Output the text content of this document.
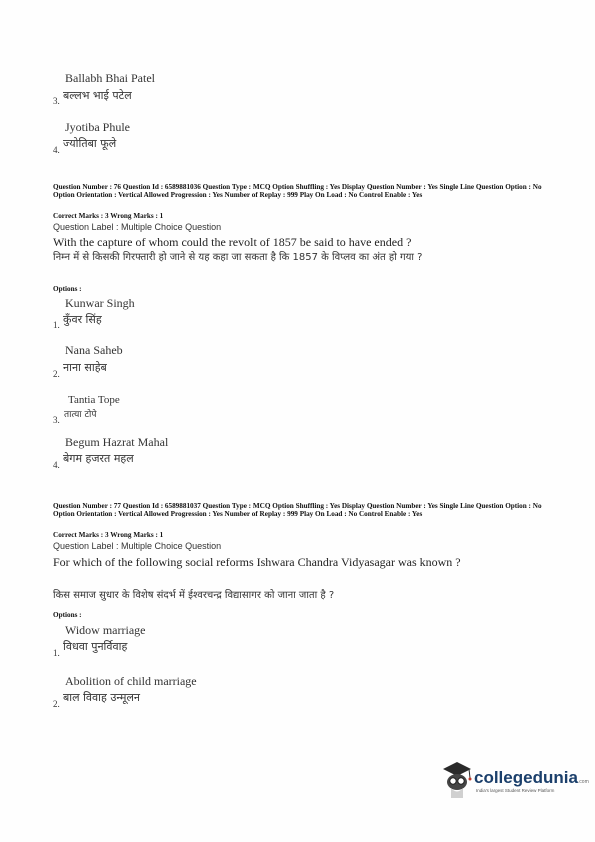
Ballabh Bhai Patel
3. बल्लभ भाई पटेल
Jyotiba Phule
4. ज्योतिबा फूले
Question Number : 76 Question Id : 6589881036 Question Type : MCQ Option Shuffling : Yes Display Question Number : Yes Single Line Question Option : No Option Orientation : Vertical Allowed Progression : Yes Number of Replay : 999 Play On Load : No Control Enable : Yes
Correct Marks : 3 Wrong Marks : 1
Question Label : Multiple Choice Question
With the capture of whom could the revolt of 1857 be said to have ended ?
निम्न में से किसकी गिरफ्तारी हो जाने से यह कहा जा सकता है कि 1857 के विप्लव का अंत हो गया ?
Options :
Kunwar Singh
1. कुँवर सिंह
Nana Saheb
2. नाना साहेब
Tantia Tope
3. तात्या टोपे
Begum Hazrat Mahal
4. बेगम हजरत महल
Question Number : 77 Question Id : 6589881037 Question Type : MCQ Option Shuffling : Yes Display Question Number : Yes Single Line Question Option : No Option Orientation : Vertical Allowed Progression : Yes Number of Replay : 999 Play On Load : No Control Enable : Yes
Correct Marks : 3 Wrong Marks : 1
Question Label : Multiple Choice Question
For which of the following social reforms Ishwara Chandra Vidyasagar was known ?
किस समाज सुधार के विशेष संदर्भ में ईश्वरचन्द्र विद्यासागर को जाना जाता है ?
Options :
Widow marriage
1. विधवा पुनर्विवाह
Abolition of child marriage
2. बाल विवाह उन्मूलन
collegedunia.com
India's largest Student Review Platform
